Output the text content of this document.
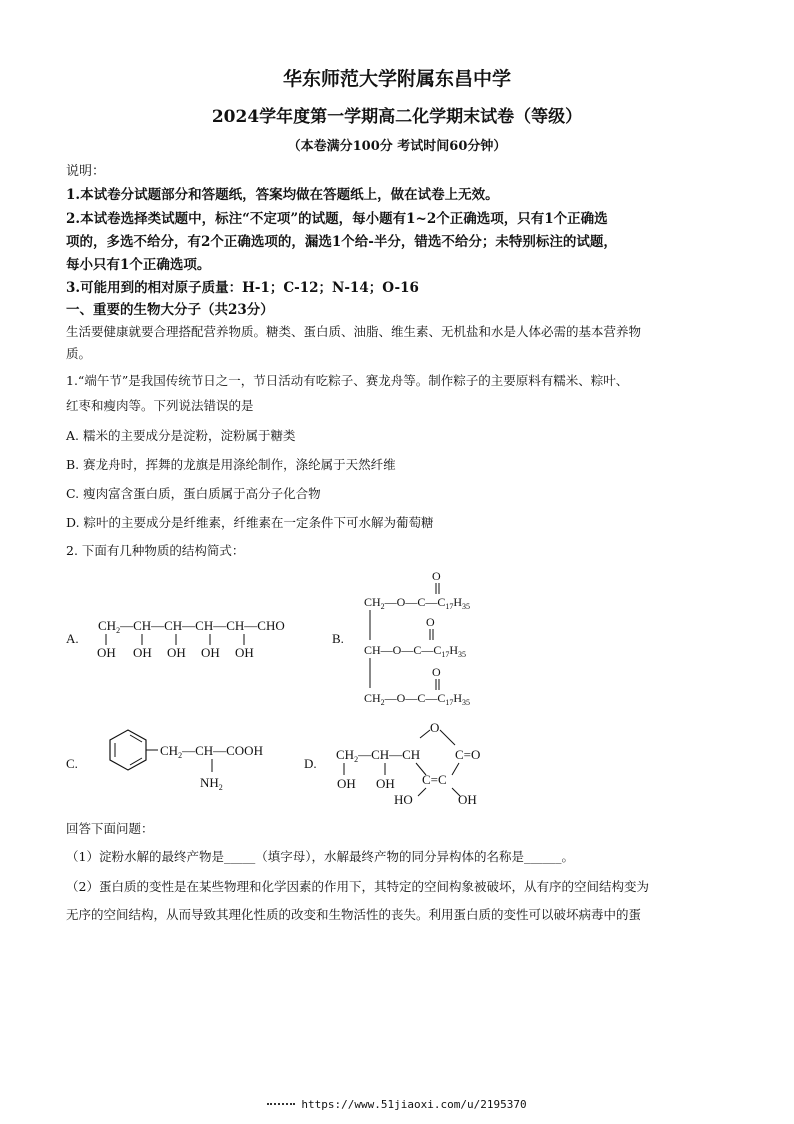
华东师范大学附属东昌中学
2024学年度第一学期高二化学期末试卷（等级）
（本卷满分100分 考试时间60分钟）
说明：
1.本试卷分试题部分和答题纸，答案均做在答题纸上，做在试卷上无效。
2.本试卷选择类试题中，标注“不定项”的试题，每小题有1~2个正确选项，只有1个正确选
项的，多选不给分，有2个正确选项的，漏选1个给-半分，错选不给分；未特别标注的试题，
每小只有1个正确选项。
3.可能用到的相对原子质量：H-1；C-12；N-14；O-16
一、重要的生物大分子（共23分）
生活要健康就要合理搭配营养物质。糖类、蛋白质、油脂、维生素、无机盐和水是人体必需的基本营养物
质。
1.“端午节”是我国传统节日之一，节日活动有吃粽子、赛龙舟等。制作粽子的主要原料有糯米、粽叶、
红枣和瘦肉等。下列说法错误的是
A. 糯米的主要成分是淀粉，淀粉属于糖类
B. 赛龙舟时，挥舞的龙旗是用涤纶制作，涤纶属于天然纤维
C. 瘦肉富含蛋白质，蛋白质属于高分子化合物
D. 粽叶的主要成分是纤维素，纤维素在一定条件下可水解为葡萄糖
2. 下面有几种物质的结构简式：
A.
$CH_2—CH—CH—CH—CH—CHO$
OH OH OH OH OH
B.
O
$CH_2—O—C—C_{17}H_{35}$
O
$CH—O—C—C_{17}H_{35}$
O
$CH_2—O—C—C_{17}H_{35}$
C.
$CH_2—CH—COOH$
$NH_2$
D.
O
$CH_2—CH—CH$	C=O
OH OH C=C
HO	OH
回答下面问题：
（1）淀粉水解的最终产物是_____（填字母），水解最终产物的同分异构体的名称是______。
（2）蛋白质的变性是在某些物理和化学因素的作用下，其特定的空间构象被破坏，从有序的空间结构变为
无序的空间结构，从而导致其理化性质的改变和生物活性的丧失。利用蛋白质的变性可以破坏病毒中的蛋
https://www.51jiaoxi.com/u/2195370
